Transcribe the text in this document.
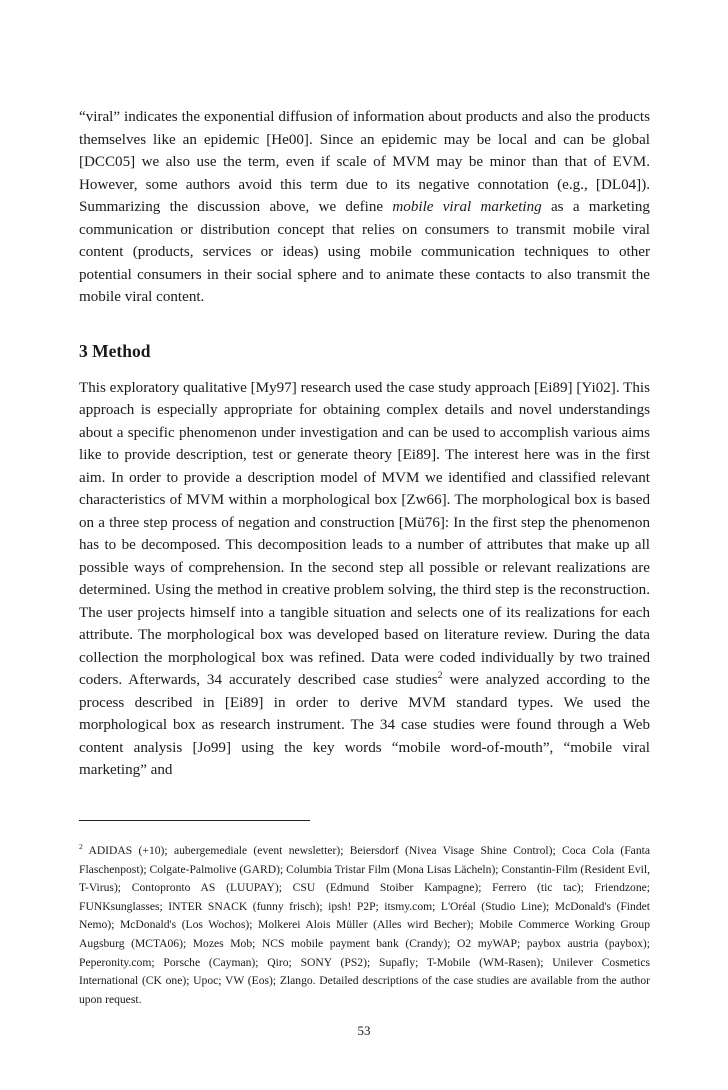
“viral” indicates the exponential diffusion of information about products and also the products themselves like an epidemic [He00]. Since an epidemic may be local and can be global [DCC05] we also use the term, even if scale of MVM may be minor than that of EVM. However, some authors avoid this term due to its negative connotation (e.g., [DL04]). Summarizing the discussion above, we define mobile viral marketing as a marketing communication or distribution concept that relies on consumers to transmit mobile viral content (products, services or ideas) using mobile communication techniques to other potential consumers in their social sphere and to animate these contacts to also transmit the mobile viral content.
3 Method
This exploratory qualitative [My97] research used the case study approach [Ei89] [Yi02]. This approach is especially appropriate for obtaining complex details and novel understandings about a specific phenomenon under investigation and can be used to accomplish various aims like to provide description, test or generate theory [Ei89]. The interest here was in the first aim. In order to provide a description model of MVM we identified and classified relevant characteristics of MVM within a morphological box [Zw66]. The morphological box is based on a three step process of negation and construction [Mü76]: In the first step the phenomenon has to be decomposed. This decomposition leads to a number of attributes that make up all possible ways of comprehension. In the second step all possible or relevant realizations are determined. Using the method in creative problem solving, the third step is the reconstruction. The user projects himself into a tangible situation and selects one of its realizations for each attribute. The morphological box was developed based on literature review. During the data collection the morphological box was refined. Data were coded individually by two trained coders. Afterwards, 34 accurately described case studies$^2$ were analyzed according to the process described in [Ei89] in order to derive MVM standard types. We used the morphological box as research instrument. The 34 case studies were found through a Web content analysis [Jo99] using the key words “mobile word-of-mouth”, “mobile viral marketing” and
$^2$ ADIDAS (+10); aubergemediale (event newsletter); Beiersdorf (Nivea Visage Shine Control); Coca Cola (Fanta Flaschenpost); Colgate-Palmolive (GARD); Columbia Tristar Film (Mona Lisas Lächeln); Constantin-Film (Resident Evil, T-Virus); Contopronto AS (LUUPAY); CSU (Edmund Stoiber Kampagne); Ferrero (tic tac); Friendzone; FUNKsunglasses; INTER SNACK (funny frisch); ipsh! P2P; itsmy.com; L'Oréal (Studio Line); McDonald's (Findet Nemo); McDonald's (Los Wochos); Molkerei Alois Müller (Alles wird Becher); Mobile Commerce Working Group Augsburg (MCTA06); Mozes Mob; NCS mobile payment bank (Crandy); O2 myWAP; paybox austria (paybox); Peperonity.com; Porsche (Cayman); Qiro; SONY (PS2); Supafly; T-Mobile (WM-Rasen); Unilever Cosmetics International (CK one); Upoc; VW (Eos); Zlango. Detailed descriptions of the case studies are available from the author upon request.
53
